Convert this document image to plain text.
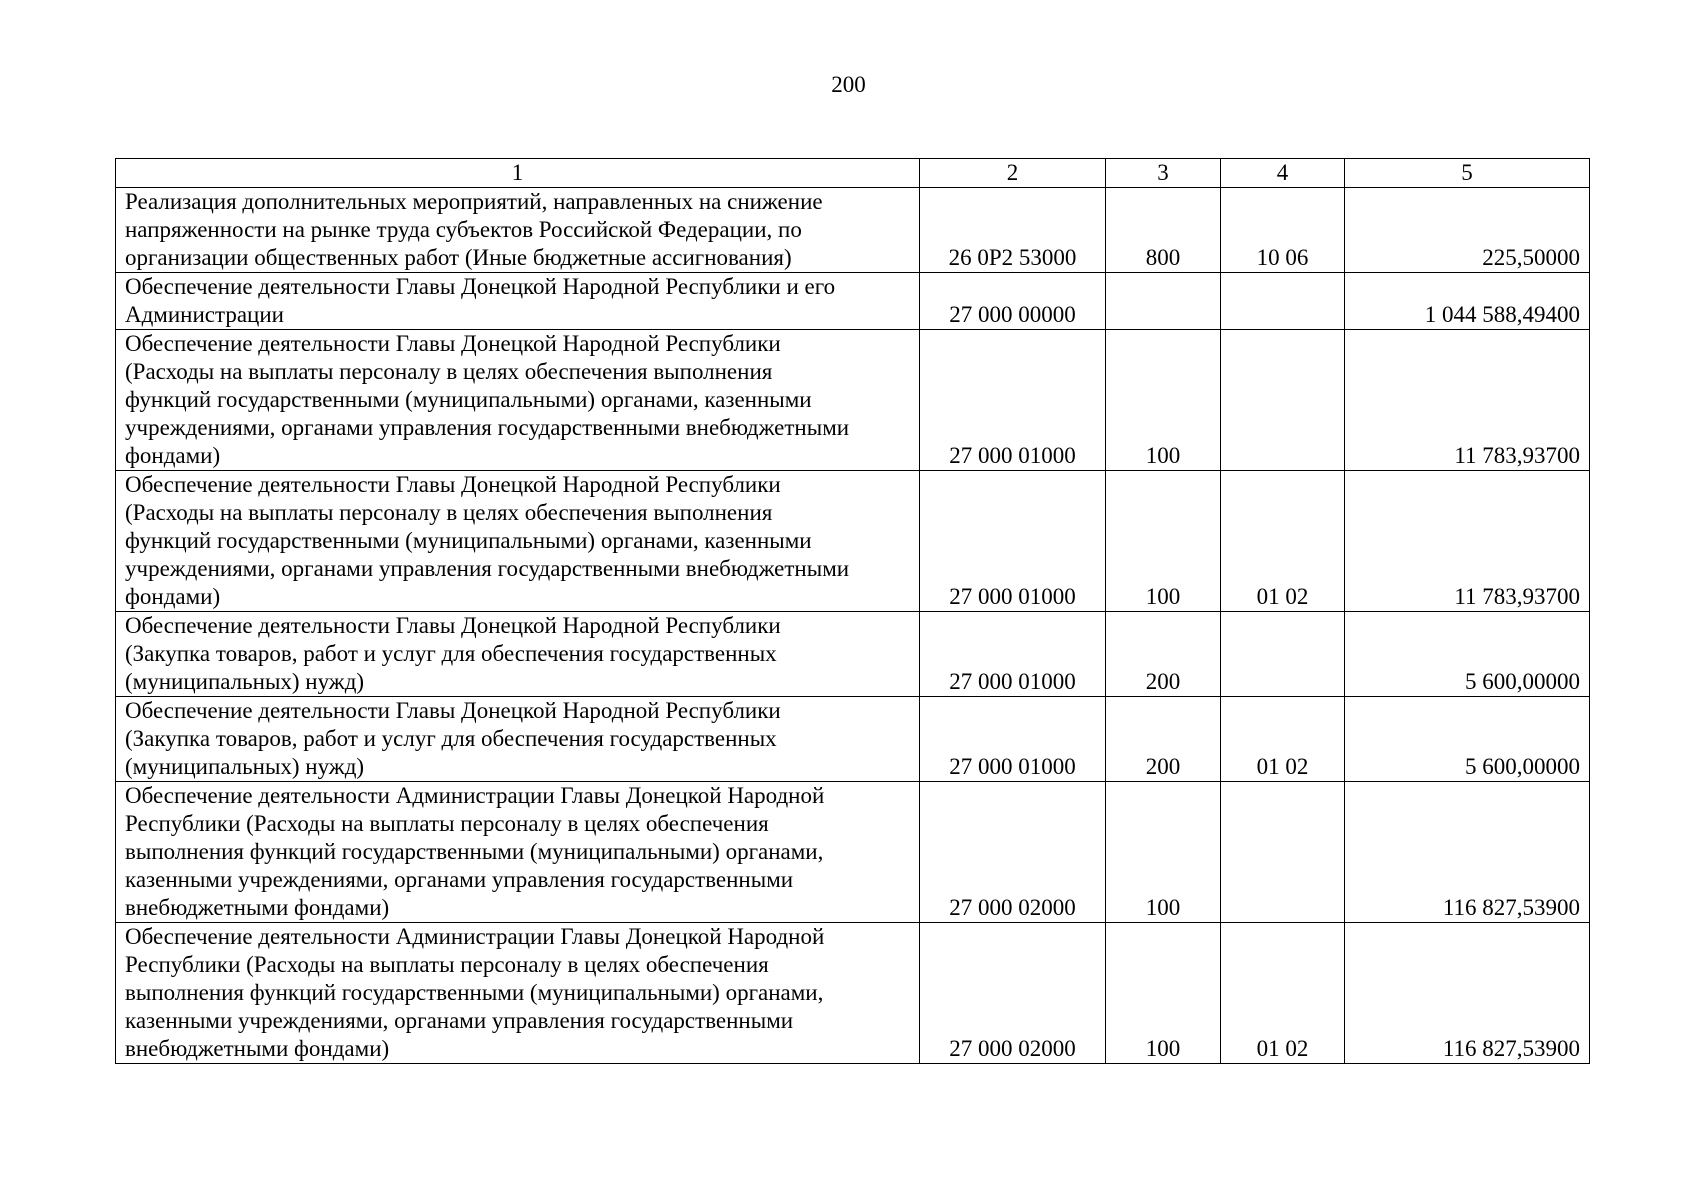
200
1	2	3	4	5

Реализация дополнительных мероприятий, направленных на снижение
напряженности на рынке труда субъектов Российской Федерации, по
организации общественных работ (Иные бюджетные ассигнования)	26 0P2 53000	800	10 06	225,50000

Обеспечение деятельности Главы Донецкой Народной Республики и его
Администрации	27 000 00000			1 044 588,49400

Обеспечение деятельности Главы Донецкой Народной Республики
(Расходы на выплаты персоналу в целях обеспечения выполнения
функций государственными (муниципальными) органами, казенными
учреждениями, органами управления государственными внебюджетными
фондами)	27 000 01000	100		11 783,93700

Обеспечение деятельности Главы Донецкой Народной Республики
(Расходы на выплаты персоналу в целях обеспечения выполнения
функций государственными (муниципальными) органами, казенными
учреждениями, органами управления государственными внебюджетными
фондами)	27 000 01000	100	01 02	11 783,93700

Обеспечение деятельности Главы Донецкой Народной Республики
(Закупка товаров, работ и услуг для обеспечения государственных
(муниципальных) нужд)	27 000 01000	200		5 600,00000

Обеспечение деятельности Главы Донецкой Народной Республики
(Закупка товаров, работ и услуг для обеспечения государственных
(муниципальных) нужд)	27 000 01000	200	01 02	5 600,00000

Обеспечение деятельности Администрации Главы Донецкой Народной
Республики (Расходы на выплаты персоналу в целях обеспечения
выполнения функций государственными (муниципальными) органами,
казенными учреждениями, органами управления государственными
внебюджетными фондами)	27 000 02000	100		116 827,53900

Обеспечение деятельности Администрации Главы Донецкой Народной
Республики (Расходы на выплаты персоналу в целях обеспечения
выполнения функций государственными (муниципальными) органами,
казенными учреждениями, органами управления государственными
внебюджетными фондами)	27 000 02000	100	01 02	116 827,53900
